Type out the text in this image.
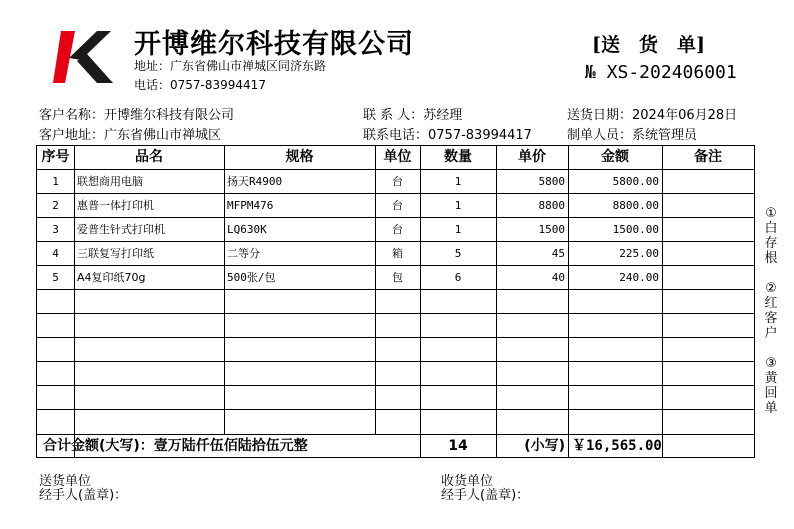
开博维尔科技有限公司
地址：广东省佛山市禅城区同济东路
电话：0757-83994417
[送　货　单]
№ XS-202406001
客户名称：开博维尔科技有限公司	联 系 人：苏经理	送货日期：2024年06月28日
客户地址：广东省佛山市禅城区	联系电话：0757-83994417	制单人员：系统管理员
序号	品名	规格	单位	数量	单价	金额	备注
1	联想商用电脑	扬天R4900	台	1	5800	5800.00
2	惠普一体打印机	MFPM476	台	1	8800	8800.00
3	爱普生针式打印机	LQ630K	台	1	1500	1500.00
4	三联复写打印纸	二等分	箱	5	45	225.00
5	A4复印纸70g	500张/包	包	6	40	240.00
合计金额(大写)：壹万陆仟伍佰陆拾伍元整	14	(小写) ￥16,565.00
①白存根
②红客户
③黄回单
送货单位
经手人(盖章)：
收货单位
经手人(盖章)：
